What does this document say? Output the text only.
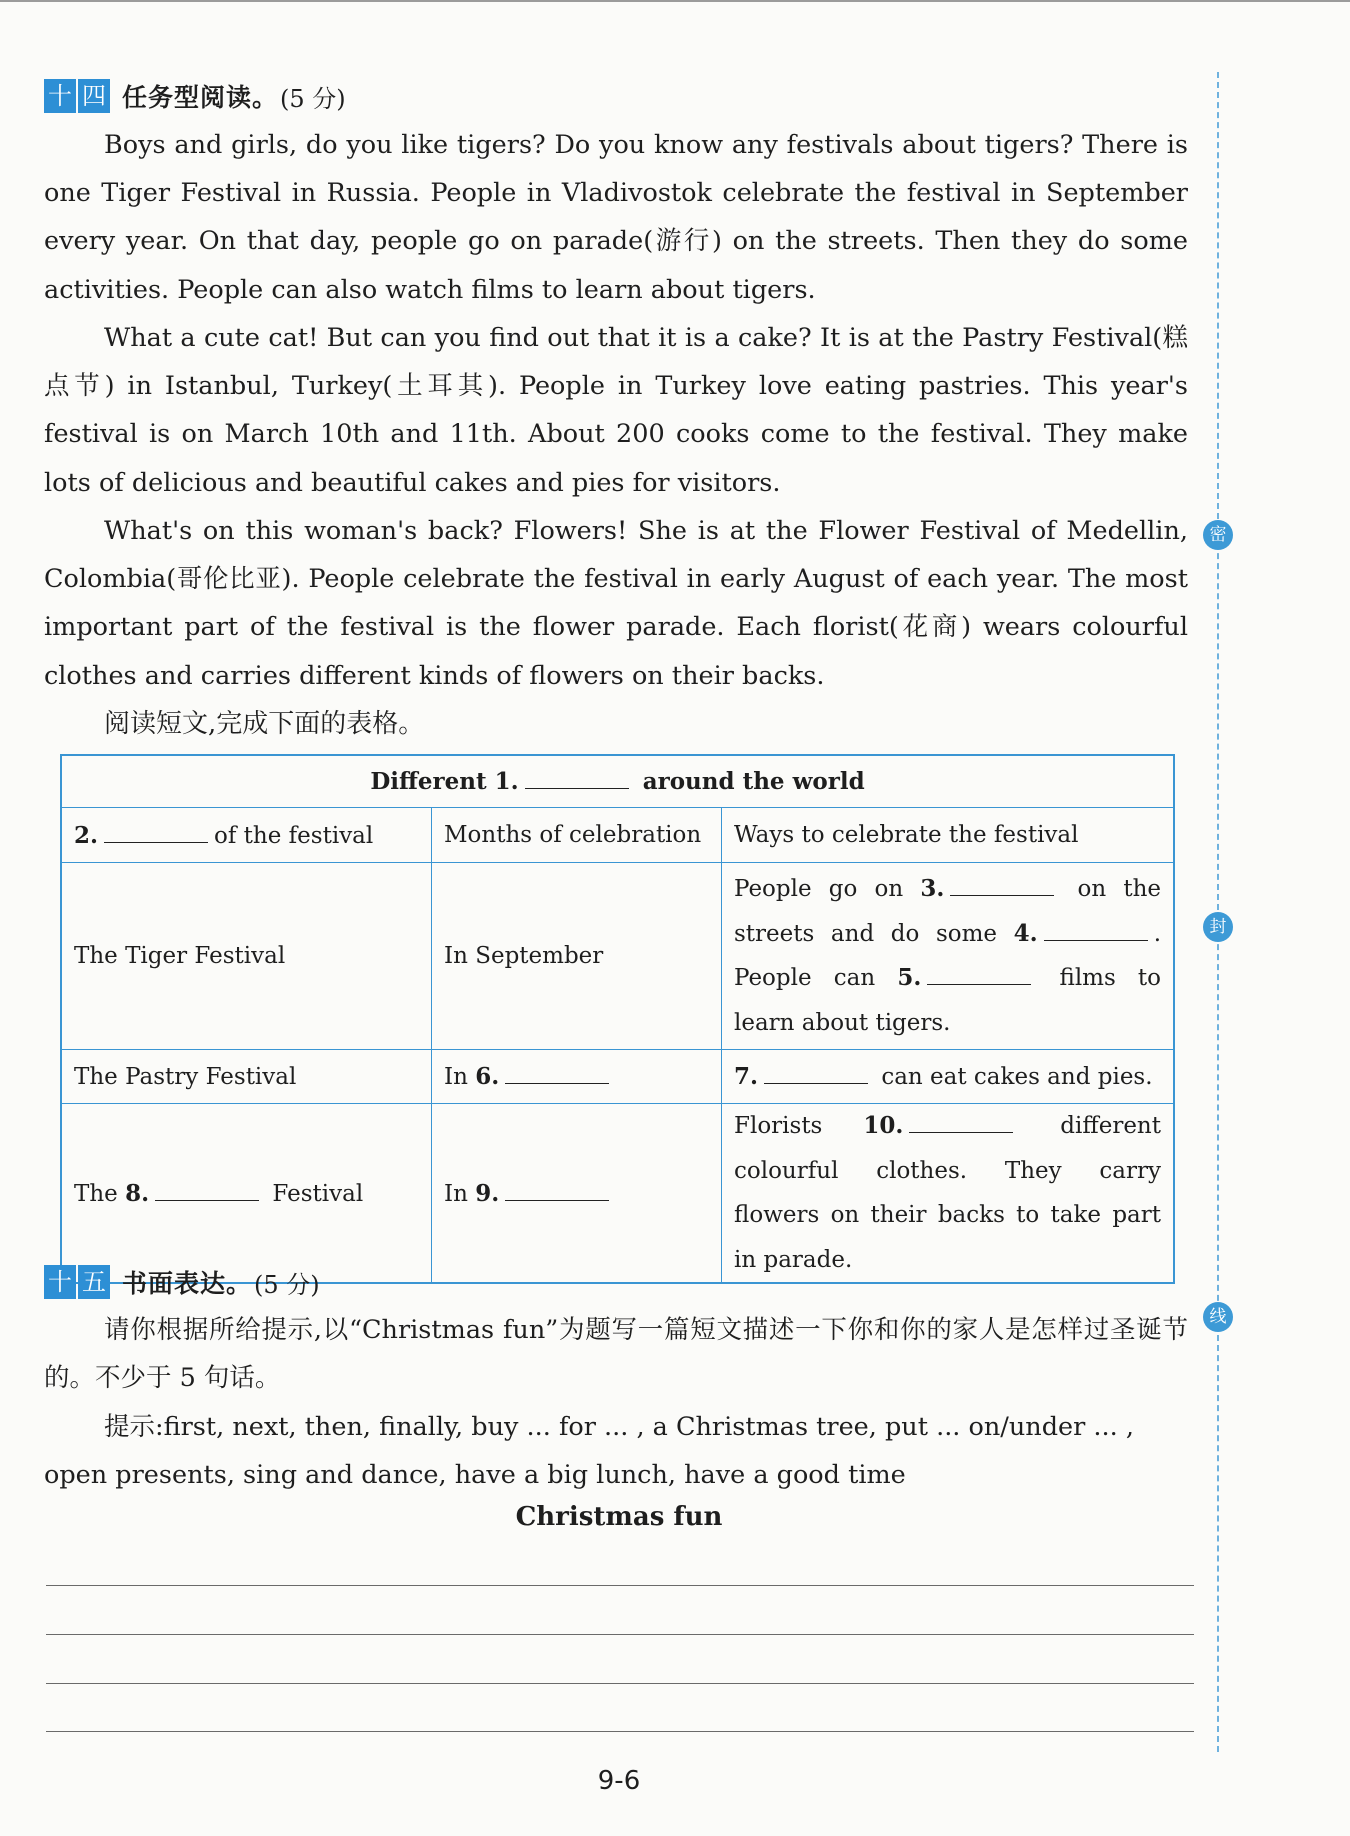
密
封
线
十 四 任务型阅读。 (5 分)

Boys and girls, do you like tigers? Do you know any festivals about tigers? There is one Tiger Festival in Russia. People in Vladivostok celebrate the festival in September every year. On that day, people go on parade(游行) on the streets. Then they do some activities. People can also watch films to learn about tigers.

What a cute cat! But can you find out that it is a cake? It is at the Pastry Festival(糕点节) in Istanbul, Turkey(土耳其). People in Turkey love eating pastries. This year's festival is on March 10th and 11th. About 200 cooks come to the festival. They make lots of delicious and beautiful cakes and pies for visitors.

What's on this woman's back? Flowers! She is at the Flower Festival of Medellin, Colombia(哥伦比亚). People celebrate the festival in early August of each year. The most important part of the festival is the flower parade. Each florist(花商) wears colourful clothes and carries different kinds of flowers on their backs.

阅读短文,完成下面的表格。

Different 1. around the world		
2. of the festival	Months of celebration	Ways to celebrate the festival
The Tiger Festival	In September	People go on 3. on the streets and do some 4. . People can 5. films to learn about tigers.
The Pastry Festival	In 6.	7. can eat cakes and pies.
The 8. Festival	In 9.	Florists 10. different colourful clothes. They carry flowers on their backs to take part in parade.
十 五 书面表达。 (5 分)

请你根据所给提示,以“Christmas fun”为题写一篇短文描述一下你和你的家人是怎样过圣诞节的。不少于 5 句话。

提示:first, next, then, finally, buy ... for ... , a Christmas tree, put ... on/under ... , open presents, sing and dance, have a big lunch, have a good time

Christmas fun
9-6
